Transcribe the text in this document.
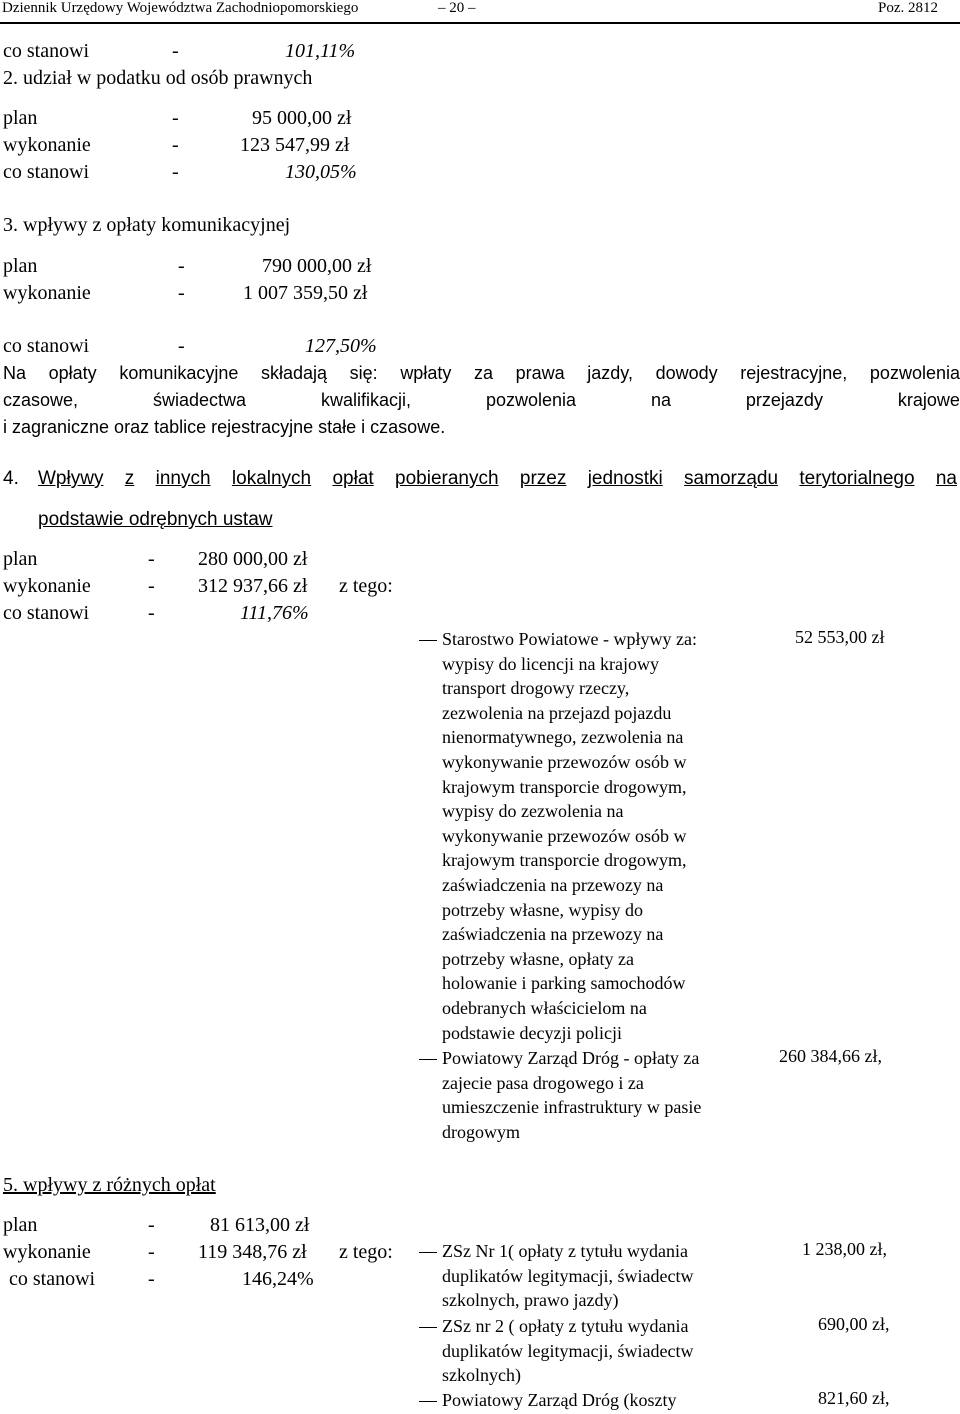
Dziennik Urzędowy Województwa Zachodniopomorskiego	– 20 –	Poz. 2812
co stanowi	-	101,11%
2. udział w podatku od osób prawnych
plan	-	95 000,00 zł
wykonanie	-	123 547,99 zł
co stanowi	-	130,05%
3. wpływy z opłaty komunikacyjnej
plan	-	790 000,00 zł
wykonanie	-	1 007 359,50 zł
co stanowi	-	127,50%
Na opłaty komunikacyjne składają się: wpłaty za prawa jazdy, dowody rejestracyjne, pozwolenia
czasowe,	świadectwa	kwalifikacji,	pozwolenia	na	przejazdy	krajowe
i zagraniczne oraz tablice rejestracyjne stałe i czasowe.
4. Wpływy z innych lokalnych opłat pobieranych przez jednostki samorządu terytorialnego na
podstawie odrębnych ustaw
plan	- 280 000,00 zł
wykonanie	- 312 937,66 zł z tego:
co stanowi	-	111,76%
Starostwo Powiatowe - wpływy za:
wypisy do licencji na krajowy
transport drogowy rzeczy,
zezwolenia na przejazd pojazdu
nienormatywnego, zezwolenia na
wykonywanie przewozów osób w
krajowym transporcie drogowym,
wypisy do zezwolenia na
wykonywanie przewozów osób w
krajowym transporcie drogowym,
zaświadczenia na przewozy na
potrzeby własne, wypisy do
zaświadczenia na przewozy na
potrzeby własne, opłaty za
holowanie i parking samochodów
odebranych właścicielom na
podstawie decyzji policji
52 553,00 zł
Powiatowy Zarząd Dróg - opłaty za
zajecie pasa drogowego i za
umieszczenie infrastruktury w pasie
drogowym
260 384,66 zł,
5. wpływy z różnych opłat
plan	-	81 613,00 zł
wykonanie	- 119 348,76 zł z tego:
co stanowi	-	146,24%
ZSz Nr 1( opłaty z tytułu wydania
duplikatów legitymacji, świadectw
szkolnych, prawo jazdy)
1 238,00 zł,
ZSz nr 2 ( opłaty z tytułu wydania
duplikatów legitymacji, świadectw
szkolnych)
690,00 zł,
Powiatowy Zarząd Dróg (koszty	821,60 zł,
